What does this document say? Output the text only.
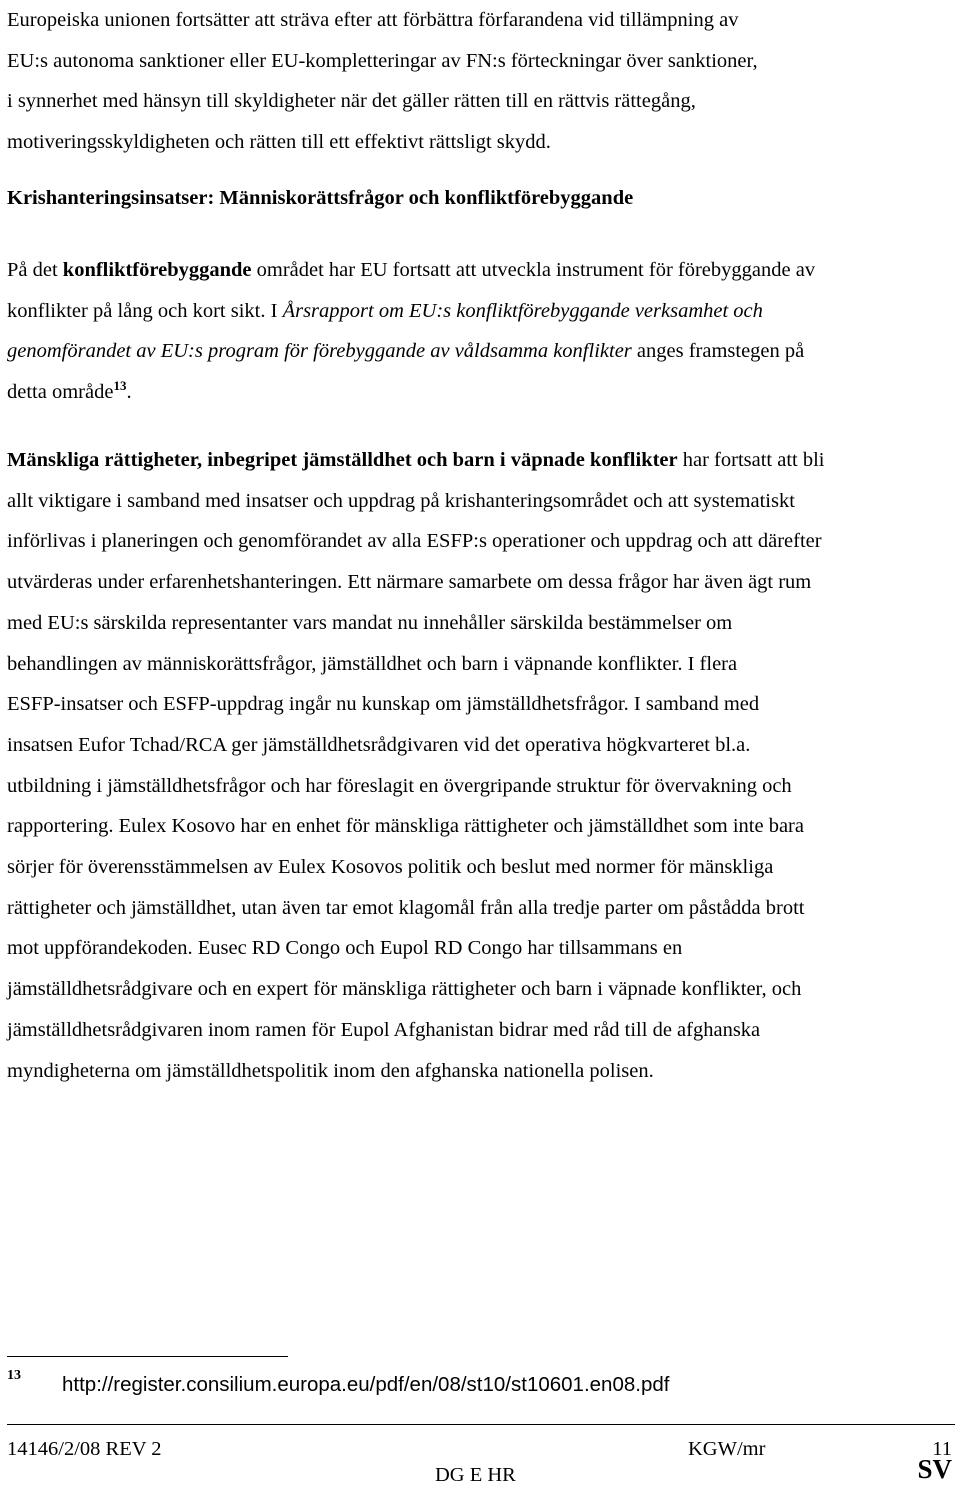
Europeiska unionen fortsätter att sträva efter att förbättra förfarandena vid tillämpning av
EU:s autonoma sanktioner eller EU-kompletteringar av FN:s förteckningar över sanktioner,
i synnerhet med hänsyn till skyldigheter när det gäller rätten till en rättvis rättegång,
motiveringsskyldigheten och rätten till ett effektivt rättsligt skydd.
Krishanteringsinsatser: Människorättsfrågor och konfliktförebyggande
På det konfliktförebyggande området har EU fortsatt att utveckla instrument för förebyggande av
konflikter på lång och kort sikt. I Årsrapport om EU:s konfliktförebyggande verksamhet och
genomförandet av EU:s program för förebyggande av våldsamma konflikter anges framstegen på
detta område$^{13}$.
Mänskliga rättigheter, inbegripet jämställdhet och barn i väpnade konflikter har fortsatt att bli
allt viktigare i samband med insatser och uppdrag på krishanteringsområdet och att systematiskt
införlivas i planeringen och genomförandet av alla ESFP:s operationer och uppdrag och att därefter
utvärderas under erfarenhetshanteringen. Ett närmare samarbete om dessa frågor har även ägt rum
med EU:s särskilda representanter vars mandat nu innehåller särskilda bestämmelser om
behandlingen av människorättsfrågor, jämställdhet och barn i väpnande konflikter. I flera
ESFP-insatser och ESFP-uppdrag ingår nu kunskap om jämställdhetsfrågor. I samband med
insatsen Eufor Tchad/RCA ger jämställdhetsrådgivaren vid det operativa högkvarteret bl.a.
utbildning i jämställdhetsfrågor och har föreslagit en övergripande struktur för övervakning och
rapportering. Eulex Kosovo har en enhet för mänskliga rättigheter och jämställdhet som inte bara
sörjer för överensstämmelsen av Eulex Kosovos politik och beslut med normer för mänskliga
rättigheter och jämställdhet, utan även tar emot klagomål från alla tredje parter om påstådda brott
mot uppförandekoden. Eusec RD Congo och Eupol RD Congo har tillsammans en
jämställdhetsrådgivare och en expert för mänskliga rättigheter och barn i väpnade konflikter, och
jämställdhetsrådgivaren inom ramen för Eupol Afghanistan bidrar med råd till de afghanska
myndigheterna om jämställdhetspolitik inom den afghanska nationella polisen.
13 http://register.consilium.europa.eu/pdf/en/08/st10/st10601.en08.pdf
14146/2/08 REV 2	KGW/mr	11
DG E HR	SV
